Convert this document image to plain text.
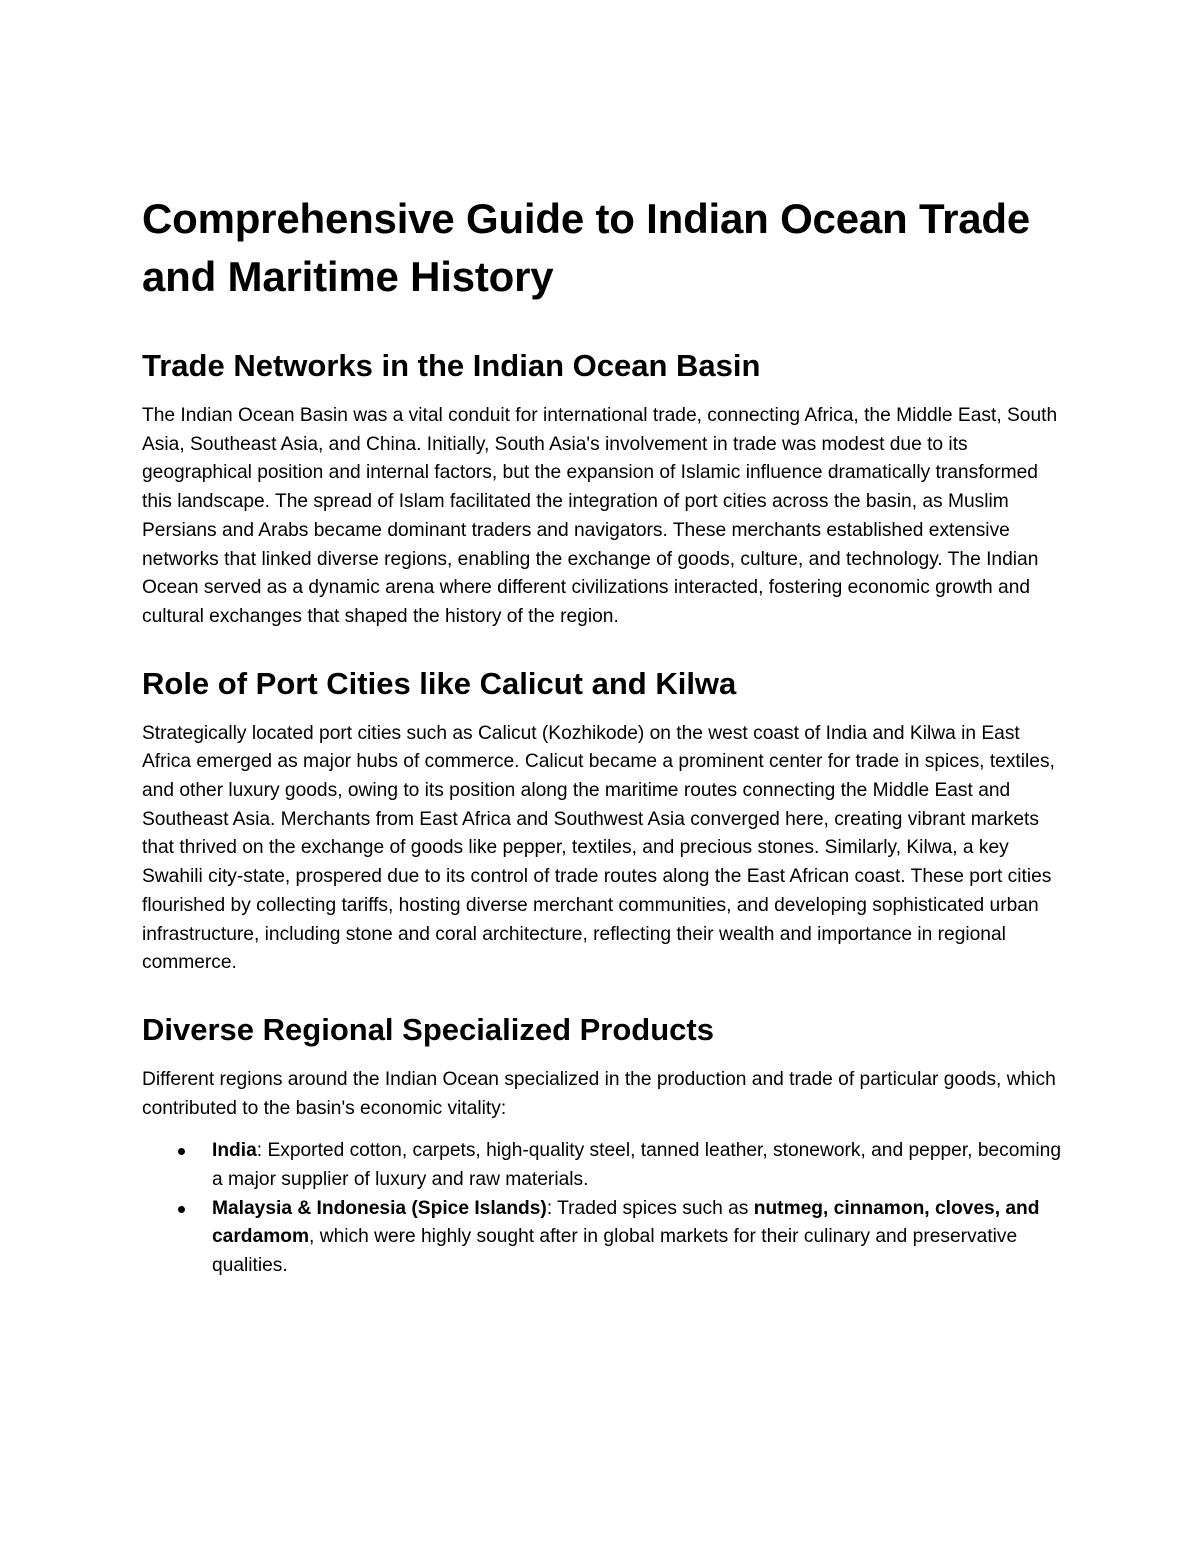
Comprehensive Guide to Indian Ocean Trade and Maritime History
Trade Networks in the Indian Ocean Basin

The Indian Ocean Basin was a vital conduit for international trade, connecting Africa, the Middle East, South Asia, Southeast Asia, and China. Initially, South Asia's involvement in trade was modest due to its geographical position and internal factors, but the expansion of Islamic influence dramatically transformed this landscape. The spread of Islam facilitated the integration of port cities across the basin, as Muslim Persians and Arabs became dominant traders and navigators. These merchants established extensive networks that linked diverse regions, enabling the exchange of goods, culture, and technology. The Indian Ocean served as a dynamic arena where different civilizations interacted, fostering economic growth and cultural exchanges that shaped the history of the region.

Role of Port Cities like Calicut and Kilwa

Strategically located port cities such as Calicut (Kozhikode) on the west coast of India and Kilwa in East Africa emerged as major hubs of commerce. Calicut became a prominent center for trade in spices, textiles, and other luxury goods, owing to its position along the maritime routes connecting the Middle East and Southeast Asia. Merchants from East Africa and Southwest Asia converged here, creating vibrant markets that thrived on the exchange of goods like pepper, textiles, and precious stones. Similarly, Kilwa, a key Swahili city-state, prospered due to its control of trade routes along the East African coast. These port cities flourished by collecting tariffs, hosting diverse merchant communities, and developing sophisticated urban infrastructure, including stone and coral architecture, reflecting their wealth and importance in regional commerce.

Diverse Regional Specialized Products

Different regions around the Indian Ocean specialized in the production and trade of particular goods, which contributed to the basin's economic vitality:

India: Exported cotton, carpets, high-quality steel, tanned leather, stonework, and pepper, becoming a major supplier of luxury and raw materials.
Malaysia & Indonesia (Spice Islands): Traded spices such as nutmeg, cinnamon, cloves, and cardamom, which were highly sought after in global markets for their culinary and preservative qualities.
